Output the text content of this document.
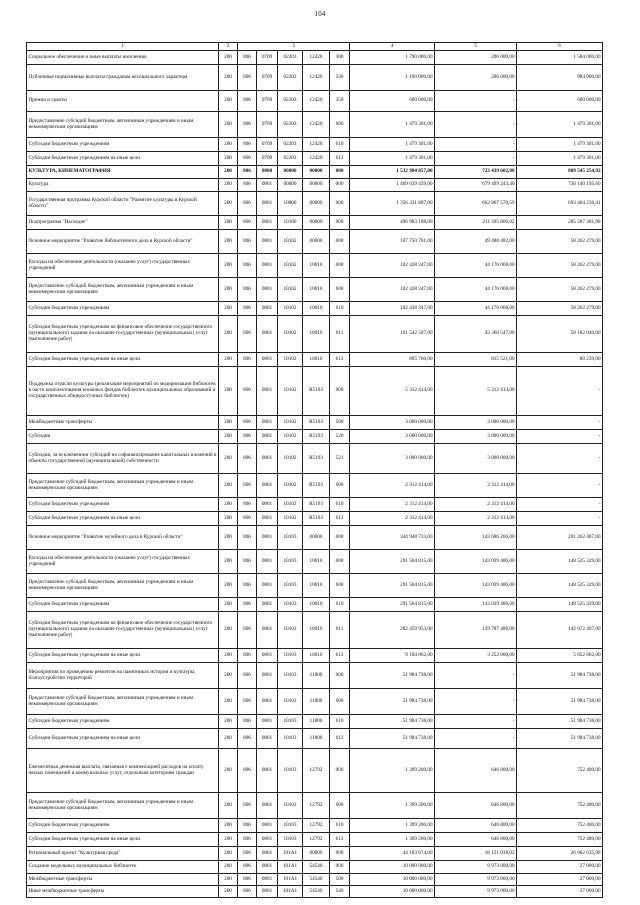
104
1	2	3					4	5	6
Социальное обеспечение и иные выплаты населению	200	806	0709	02203	12420	300	1 790 000,00	206 000,00	1 584 000,00
Публичные нормативные выплаты гражданам несоциального характера	200	806	0709	02203	12420	330	1 190 000,00	206 000,00	984 000,00
Премии и гранты	200	806	0709	02203	12420	350	600 000,00	-	600 000,00
Предоставление субсидий бюджетным, автономным учреждениям и иным некоммерческим организациям	200	806	0709	02203	12420	600	1 479 301,00	-	1 479 301,00
Субсидии бюджетным учреждениям	200	806	0709	02203	12420	610	1 479 301,00	-	1 479 301,00
Субсидии бюджетным учреждениям на иные цели	200	806	0709	02203	12420	612	1 479 301,00	-	1 479 301,00
КУЛЬТУРА, КИНЕМАТОГРАФИЯ	200	806	0800	00000	00000	000	1 532 984 857,00	723 439 602,08	809 545 254,92
Культура	200	806	0801	00000	00000	000	1 409 639 439,00	679 499 243,40	730 140 195,60
Государственная программа Курской области "Развитие культуры в Курской области"	200	806	0801	10000	00000	000	1 356 331 807,00	662 867 570,59	693 464 236,41
Подпрограмма "Наследие"	200	806	0801	10100	00000	000	496 983 188,00	211 395 806,02	285 587 381,98
Основное мероприятие "Развитие библиотечного дела в Курской области"	200	806	0801	10102	00000	000	107 750 761,00	49 488 482,00	58 262 279,00
Расходы на обеспечение деятельности (оказание услуг) государственных учреждений	200	806	0801	10102	10010	000	102 438 347,00	44 176 068,00	58 262 279,00
Предоставление субсидий бюджетным, автономным учреждениям и иным некоммерческим организациям	200	806	0801	10102	10010	600	102 438 347,00	44 176 068,00	58 262 279,00
Субсидии бюджетным учреждениям	200	806	0801	10102	10010	610	102 438 347,00	44 176 068,00	58 262 279,00
Субсидии бюджетным учреждениям на финансовое обеспечение государственного (муниципального) задания на оказание государственных (муниципальных) услуг (выполнение работ)	200	806	0801	10102	10010	611	101 542 587,00	43 360 547,00	58 182 040,00
Субсидии бюджетным учреждениям на иные цели	200	806	0801	10102	10010	612	895 760,00	815 521,00	80 239,00
Поддержка отрасли культуры (реализация мероприятий по модернизации библиотек в части комплектования книжных фондов библиотек муниципальных образований и государственных общедоступных библиотек)	200	806	0801	10102	R5193	000	5 312 414,00	5 312 414,00	-
Межбюджетные трансферты	200	806	0801	10102	R5193	500	3 000 000,00	3 000 000,00	-
Субсидии	200	806	0801	10102	R5193	520	3 000 000,00	3 000 000,00	-
Субсидии, за исключением субсидий на софинансирование капитальных вложений в объекты государственной (муниципальной) собственности	200	806	0801	10102	R5193	521	3 000 000,00	3 000 000,00	-
Предоставление субсидий бюджетным, автономным учреждениям и иным некоммерческим организациям	200	806	0801	10102	R5193	600	2 312 414,00	2 312 414,00	-
Субсидии бюджетным учреждениям	200	806	0801	10102	R5193	610	2 312 414,00	2 312 414,00	-
Субсидии бюджетным учреждениям на иные цели	200	806	0801	10102	R5193	612	2 312 414,00	2 312 414,00	-
Основное мероприятие "Развитие музейного дела в Курской области"	200	806	0801	10103	00000	000	344 948 733,00	143 686 266,00	201 262 467,00
Расходы на обеспечение деятельности (оказание услуг) государственных учреждений	200	806	0801	10103	10010	000	291 564 815,00	143 039 486,00	148 525 329,00
Предоставление субсидий бюджетным, автономным учреждениям и иным некоммерческим организациям	200	806	0801	10103	10010	600	291 564 815,00	143 039 486,00	148 525 329,00
Субсидии бюджетным учреждениям	200	806	0801	10103	10010	610	291 564 815,00	143 039 486,00	148 525 329,00
Субсидии бюджетным учреждениям на финансовое обеспечение государственного (муниципального) задания на оказание государственных (муниципальных) услуг (выполнение работ)	200	806	0801	10103	10010	611	282 459 953,00	139 787 486,00	142 672 467,00
Субсидии бюджетным учреждениям на иные цели	200	806	0801	10103	10010	612	9 104 862,00	3 252 000,00	5 852 862,00
Мероприятия по проведению ремонтов на памятниках истории и культуры, благоустройство территорий	200	806	0801	10103	11800	000	51 984 738,00	-	51 984 738,00
Предоставление субсидий бюджетным, автономным учреждениям и иным некоммерческим организациям	200	806	0801	10103	11800	600	51 984 738,00	-	51 984 738,00
Субсидии бюджетным учреждениям	200	806	0801	10103	11800	610	51 984 738,00	-	51 984 738,00
Субсидии бюджетным учреждениям на иные цели	200	806	0801	10103	11800	612	51 984 738,00	-	51 984 738,00
Ежемесячная денежная выплата, связанная с компенсацией расходов на оплату жилых помещений и коммунальных услуг, отдельным категориям граждан	200	806	0801	10103	12792	000	1 399 200,00	646 800,00	752 400,00
Предоставление субсидий бюджетным, автономным учреждениям и иным некоммерческим организациям	200	806	0801	10103	12792	600	1 399 200,00	646 800,00	752 400,00
Субсидии бюджетным учреждениям	200	806	0801	10103	12792	610	1 399 200,00	646 800,00	752 400,00
Субсидии бюджетным учреждениям на иные цели	200	806	0801	10103	12792	612	1 399 200,00	646 800,00	752 400,00
Региональный проект "Культурная среда"	200	806	0801	101A1	00000	000	44 183 674,00	18 121 038,02	26 062 635,98
Создание модельных муниципальных библиотек	200	806	0801	101A1	54540	000	10 000 000,00	9 973 000,00	27 000,00
Межбюджетные трансферты	200	806	0801	101A1	54540	500	10 000 000,00	9 973 000,00	27 000,00
Иные межбюджетные трансферты	200	806	0801	101A1	54540	540	10 000 000,00	9 973 000,00	27 000,00
